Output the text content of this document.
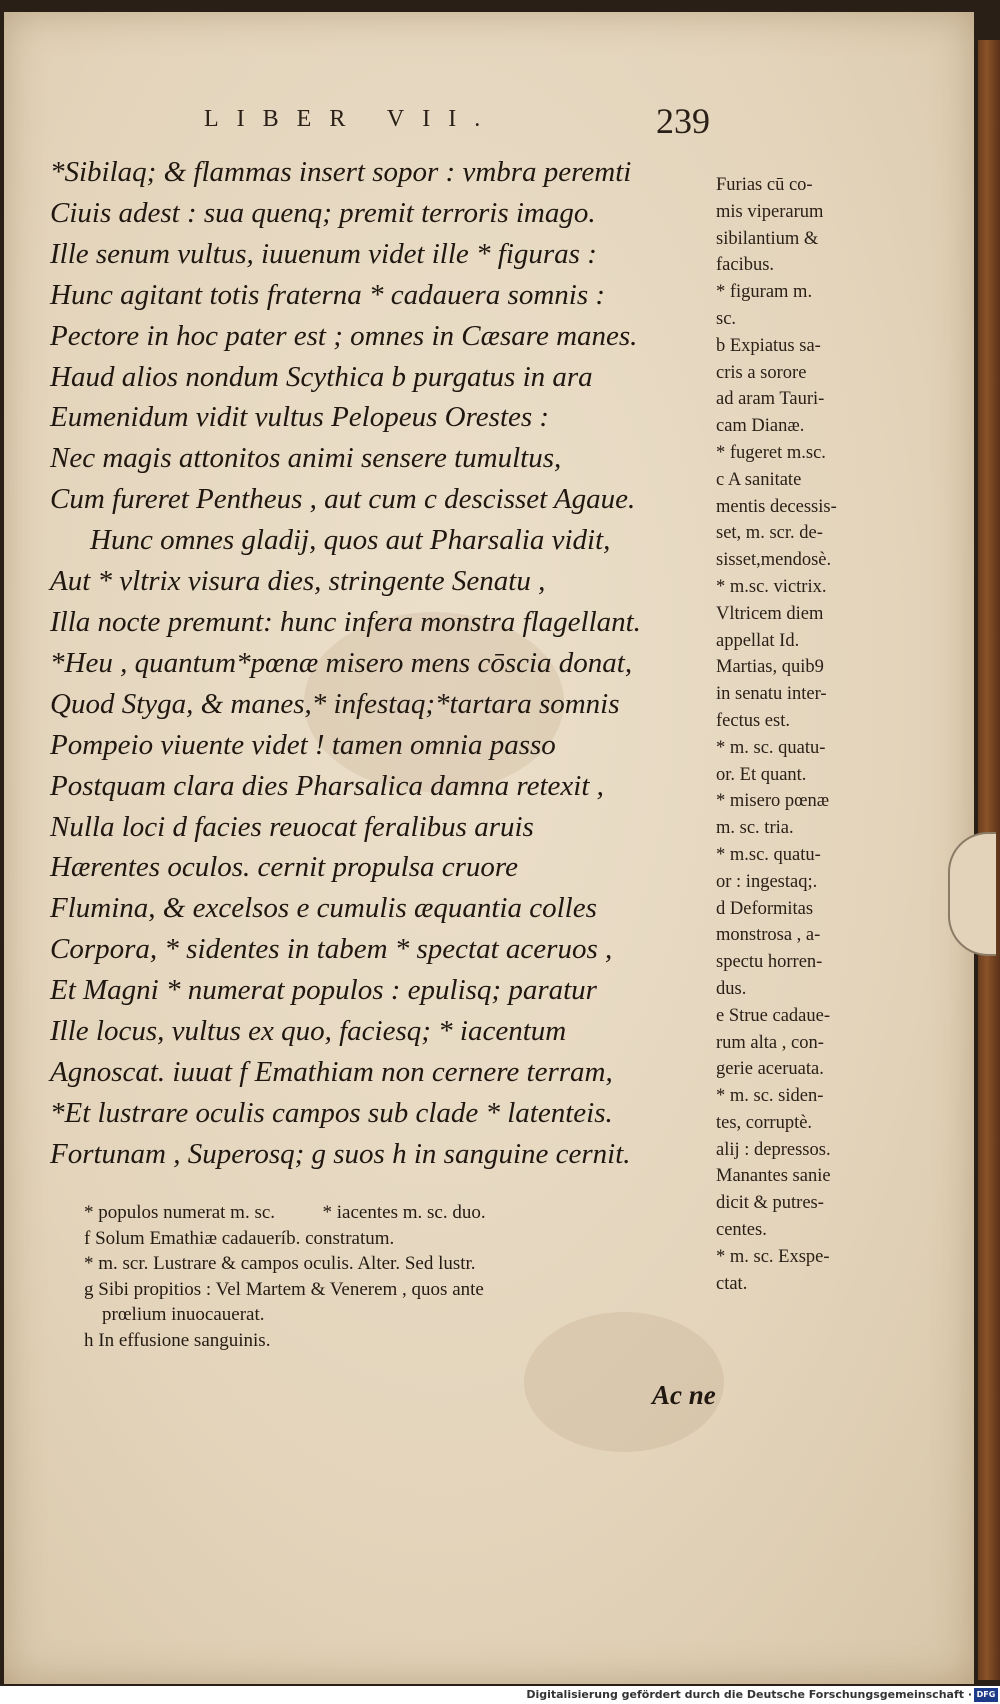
LIBER VII.	239
*Sibilaq; & flammas insert sopor : vmbra peremti
Ciuis adest : sua quenq; premit terroris imago.
Ille senum vultus, iuuenum videt ille * figuras :
Hunc agitant totis fraterna * cadauera somnis :
Pectore in hoc pater est ; omnes in Cæsare manes.
Haud alios nondum Scythica b purgatus in ara
Eumenidum vidit vultus Pelopeus Orestes :
Nec magis attonitos animi sensere tumultus,
Cum fureret Pentheus , aut cum c descisset Agaue.
Hunc omnes gladij, quos aut Pharsalia vidit,
Aut * vltrix visura dies, stringente Senatu ,
Illa nocte premunt: hunc infera monstra flagellant.
*Heu , quantum*pœnæ misero mens cōscia donat,
Quod Styga, & manes,* infestaq;*tartara somnis
Pompeio viuente videt ! tamen omnia passo
Postquam clara dies Pharsalica damna retexit ,
Nulla loci d facies reuocat feralibus aruis
Hærentes oculos. cernit propulsa cruore
Flumina, & excelsos e cumulis æquantia colles
Corpora, * sidentes in tabem * spectat aceruos ,
Et Magni * numerat populos : epulisq; paratur
Ille locus, vultus ex quo, faciesq; * iacentum
Agnoscat. iuuat f Emathiam non cernere terram,
*Et lustrare oculis campos sub clade * latenteis.
Fortunam , Superosq; g suos h in sanguine cernit.
Furias cū co-
mis viperarum
sibilantium &
facibus.
* figuram m.
sc.
b Expiatus sa-
cris a sorore
ad aram Tauri-
cam Dianæ.
* fugeret m.sc.
c A sanitate
mentis decessis-
set, m. scr. de-
sisset,mendosè.
* m.sc. victrix.
Vltricem diem
appellat Id.
Martias, quib9
in senatu inter-
fectus est.
* m. sc. quatu-
or. Et quant.
* misero pœnæ
m. sc. tria.
* m.sc. quatu-
or : ingestaq;.
d Deformitas
monstrosa , a-
spectu horren-
dus.
e Strue cadaue-
rum alta , con-
gerie aceruata.
* m. sc. siden-
tes, corruptè.
alij : depressos.
Manantes sanie
dicit & putres-
centes.
* m. sc. Exspe-
ctat.
* populos numerat m. sc.          * iacentes m. sc. duo.
f Solum Emathiæ cadaueríb. constratum.
* m. scr. Lustrare & campos oculis. Alter. Sed lustr.
g Sibi propitios : Vel Martem & Venerem , quos ante
prœlium inuocauerat.
h In effusione sanguinis.
Ac ne
Digitalisierung gefördert durch die Deutsche Forschungsgemeinschaft · DFG
